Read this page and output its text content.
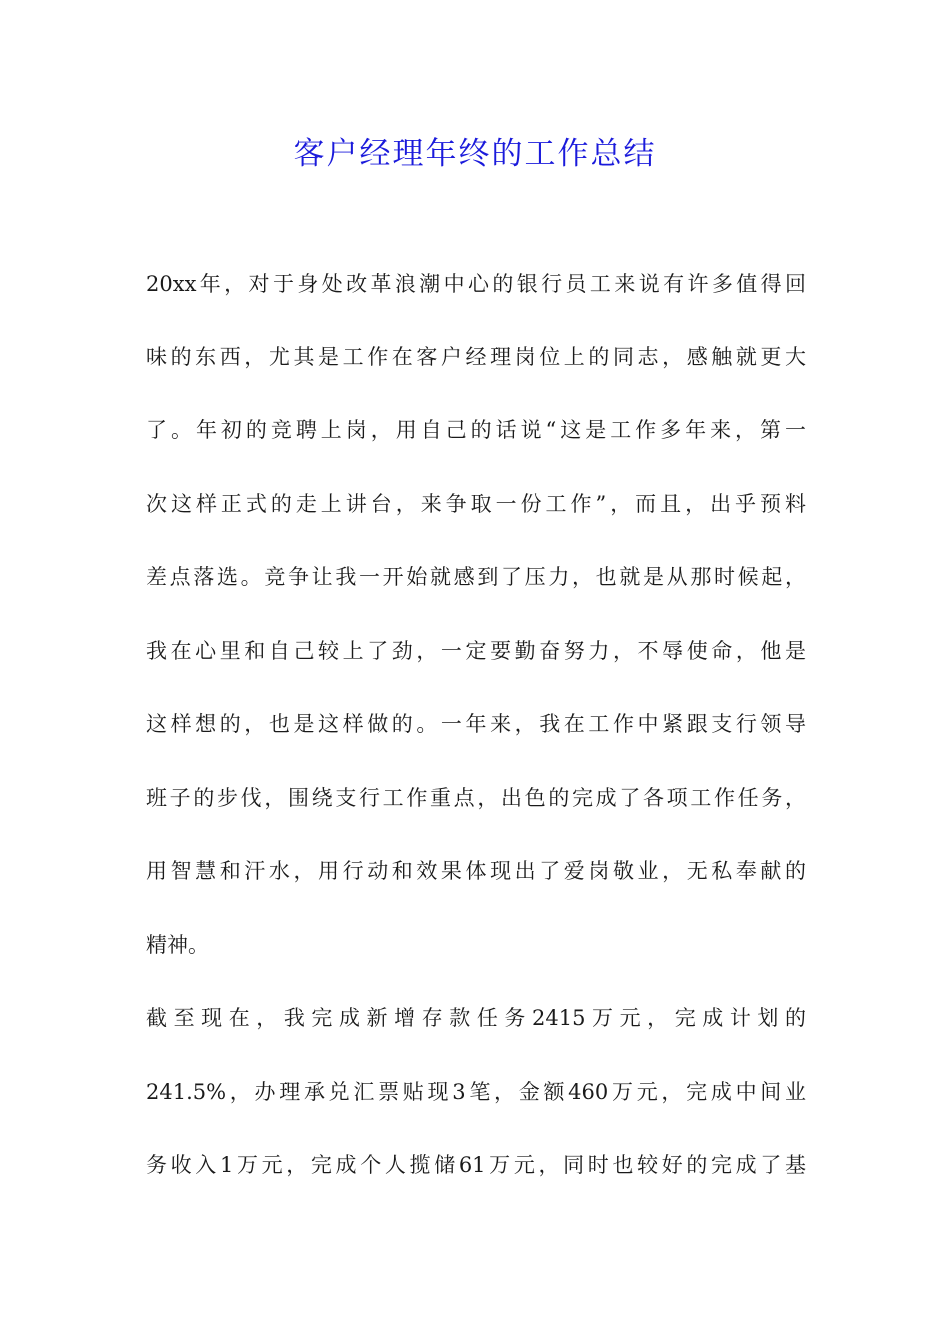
客户经理年终的工作总结
20xx年，对于身处改革浪潮中心的银行员工来说有许多值得回
味的东西，尤其是工作在客户经理岗位上的同志，感触就更大
了。年初的竞聘上岗，用自己的话说“这是工作多年来，第一
次这样正式的走上讲台，来争取一份工作”，而且，出乎预料
差点落选。竞争让我一开始就感到了压力，也就是从那时候起，
我在心里和自己较上了劲，一定要勤奋努力，不辱使命，他是
这样想的，也是这样做的。一年来，我在工作中紧跟支行领导
班子的步伐，围绕支行工作重点，出色的完成了各项工作任务，
用智慧和汗水，用行动和效果体现出了爱岗敬业，无私奉献的
精神。
截至现在，我完成新增存款任务2415万元，完成计划的
241.5%，办理承兑汇票贴现3笔，金额460万元，完成中间业
务收入1万元，完成个人揽储61万元，同时也较好的完成了基
